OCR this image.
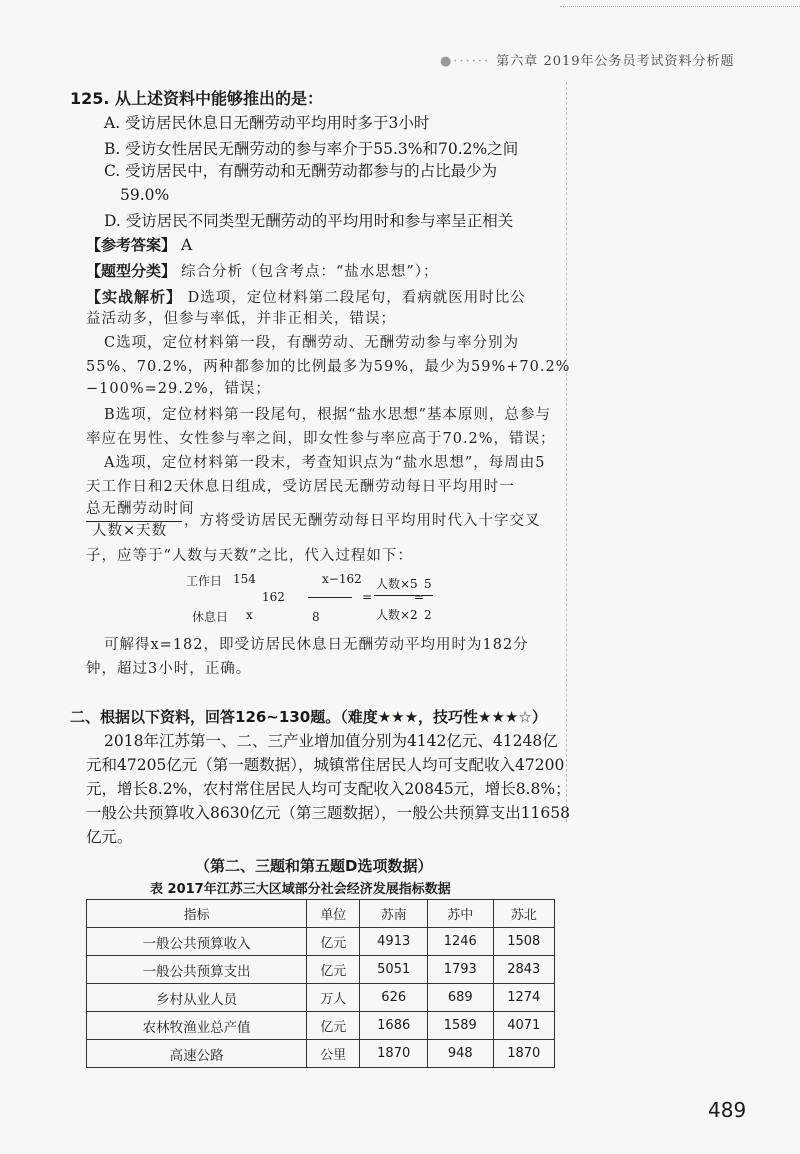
●······ 第六章 2019年公务员考试资料分析题
125. 从上述资料中能够推出的是：
A. 受访居民休息日无酬劳动平均用时多于3小时
B. 受访女性居民无酬劳动的参与率介于55.3%和70.2%之间
C. 受访居民中，有酬劳动和无酬劳动都参与的占比最少为
59.0%
D. 受访居民不同类型无酬劳动的平均用时和参与率呈正相关
【参考答案】 A
【题型分类】 综合分析（包含考点：“盐水思想”）；
【实战解析】 D选项，定位材料第二段尾句，看病就医用时比公
益活动多，但参与率低，并非正相关，错误；
C选项，定位材料第一段，有酬劳动、无酬劳动参与率分别为
55%、70.2%，两种都参加的比例最多为59%，最少为59%+70.2%
−100%=29.2%，错误；
B选项，定位材料第一段尾句，根据“盐水思想”基本原则，总参与
率应在男性、女性参与率之间，即女性参与率应高于70.2%，错误；
A选项，定位材料第一段末，考查知识点为“盐水思想”，每周由5
天工作日和2天休息日组成，受访居民无酬劳动每日平均用时一
总无酬劳动时间
人数×天数
，方将受访居民无酬劳动每日平均用时代入十字交叉
子，应等于“人数与天数”之比，代入过程如下：
工作日 154	x−162
162	=
人数×5
人数×2
=
5
2
休息日 x	8
可解得x=182，即受访居民休息日无酬劳动平均用时为182分
钟，超过3小时，正确。
二、根据以下资料，回答126~130题。（难度★★★，技巧性★★★☆）
2018年江苏第一、二、三产业增加值分别为4142亿元、41248亿
元和47205亿元（第一题数据），城镇常住居民人均可支配收入47200
元，增长8.2%，农村常住居民人均可支配收入20845元，增长8.8%；
一般公共预算收入8630亿元（第三题数据），一般公共预算支出11658
亿元。
（第二、三题和第五题D选项数据）
表 2017年江苏三大区域部分社会经济发展指标数据
指标	单位	苏南	苏中	苏北
一般公共预算收入	亿元	4913	1246	1508
一般公共预算支出	亿元	5051	1793	2843
乡村从业人员	万人	626	689	1274
农林牧渔业总产值	亿元	1686	1589	4071
高速公路	公里	1870	948	1870
489
